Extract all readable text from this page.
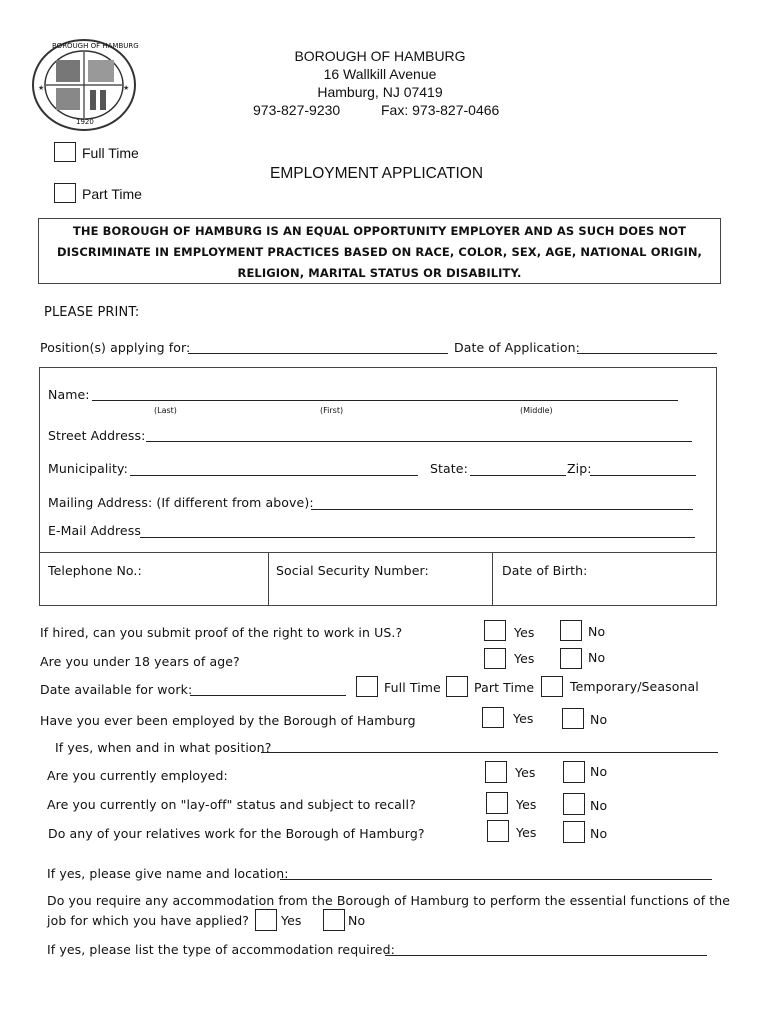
★	★
BOROUGH OF HAMBURG
1920
BOROUGH OF HAMBURG
16 Wallkill Avenue
Hamburg, NJ 07419
973-827-9230	Fax: 973-827-0466
Full Time
Part Time
EMPLOYMENT APPLICATION
THE BOROUGH OF HAMBURG IS AN EQUAL OPPORTUNITY EMPLOYER AND AS SUCH DOES NOT
DISCRIMINATE IN EMPLOYMENT PRACTICES BASED ON RACE, COLOR, SEX, AGE, NATIONAL ORIGIN,
RELIGION, MARITAL STATUS OR DISABILITY.
PLEASE PRINT:
Position(s) applying for:	Date of Application:
Name:
(Last)	(First)	(Middle)
Street Address:
Municipality:	State:	Zip:
Mailing Address: (If different from above):
E-Mail Address
Telephone No.:	Social Security Number:	Date of Birth:
If hired, can you submit proof of the right to work in US.?	Yes	No
Are you under 18 years of age?	Yes	No
Date available for work:	Full Time	Part Time	Temporary/Seasonal
Have you ever been employed by the Borough of Hamburg	Yes	No
If yes, when and in what position?
Are you currently employed:	Yes	No
Are you currently on "lay-off" status and subject to recall?	Yes	No
Do any of your relatives work for the Borough of Hamburg?	Yes	No
If yes, please give name and location:
Do you require any accommodation from the Borough of Hamburg to perform the essential functions of the
job for which you have applied?	Yes	No
If yes, please list the type of accommodation required:
